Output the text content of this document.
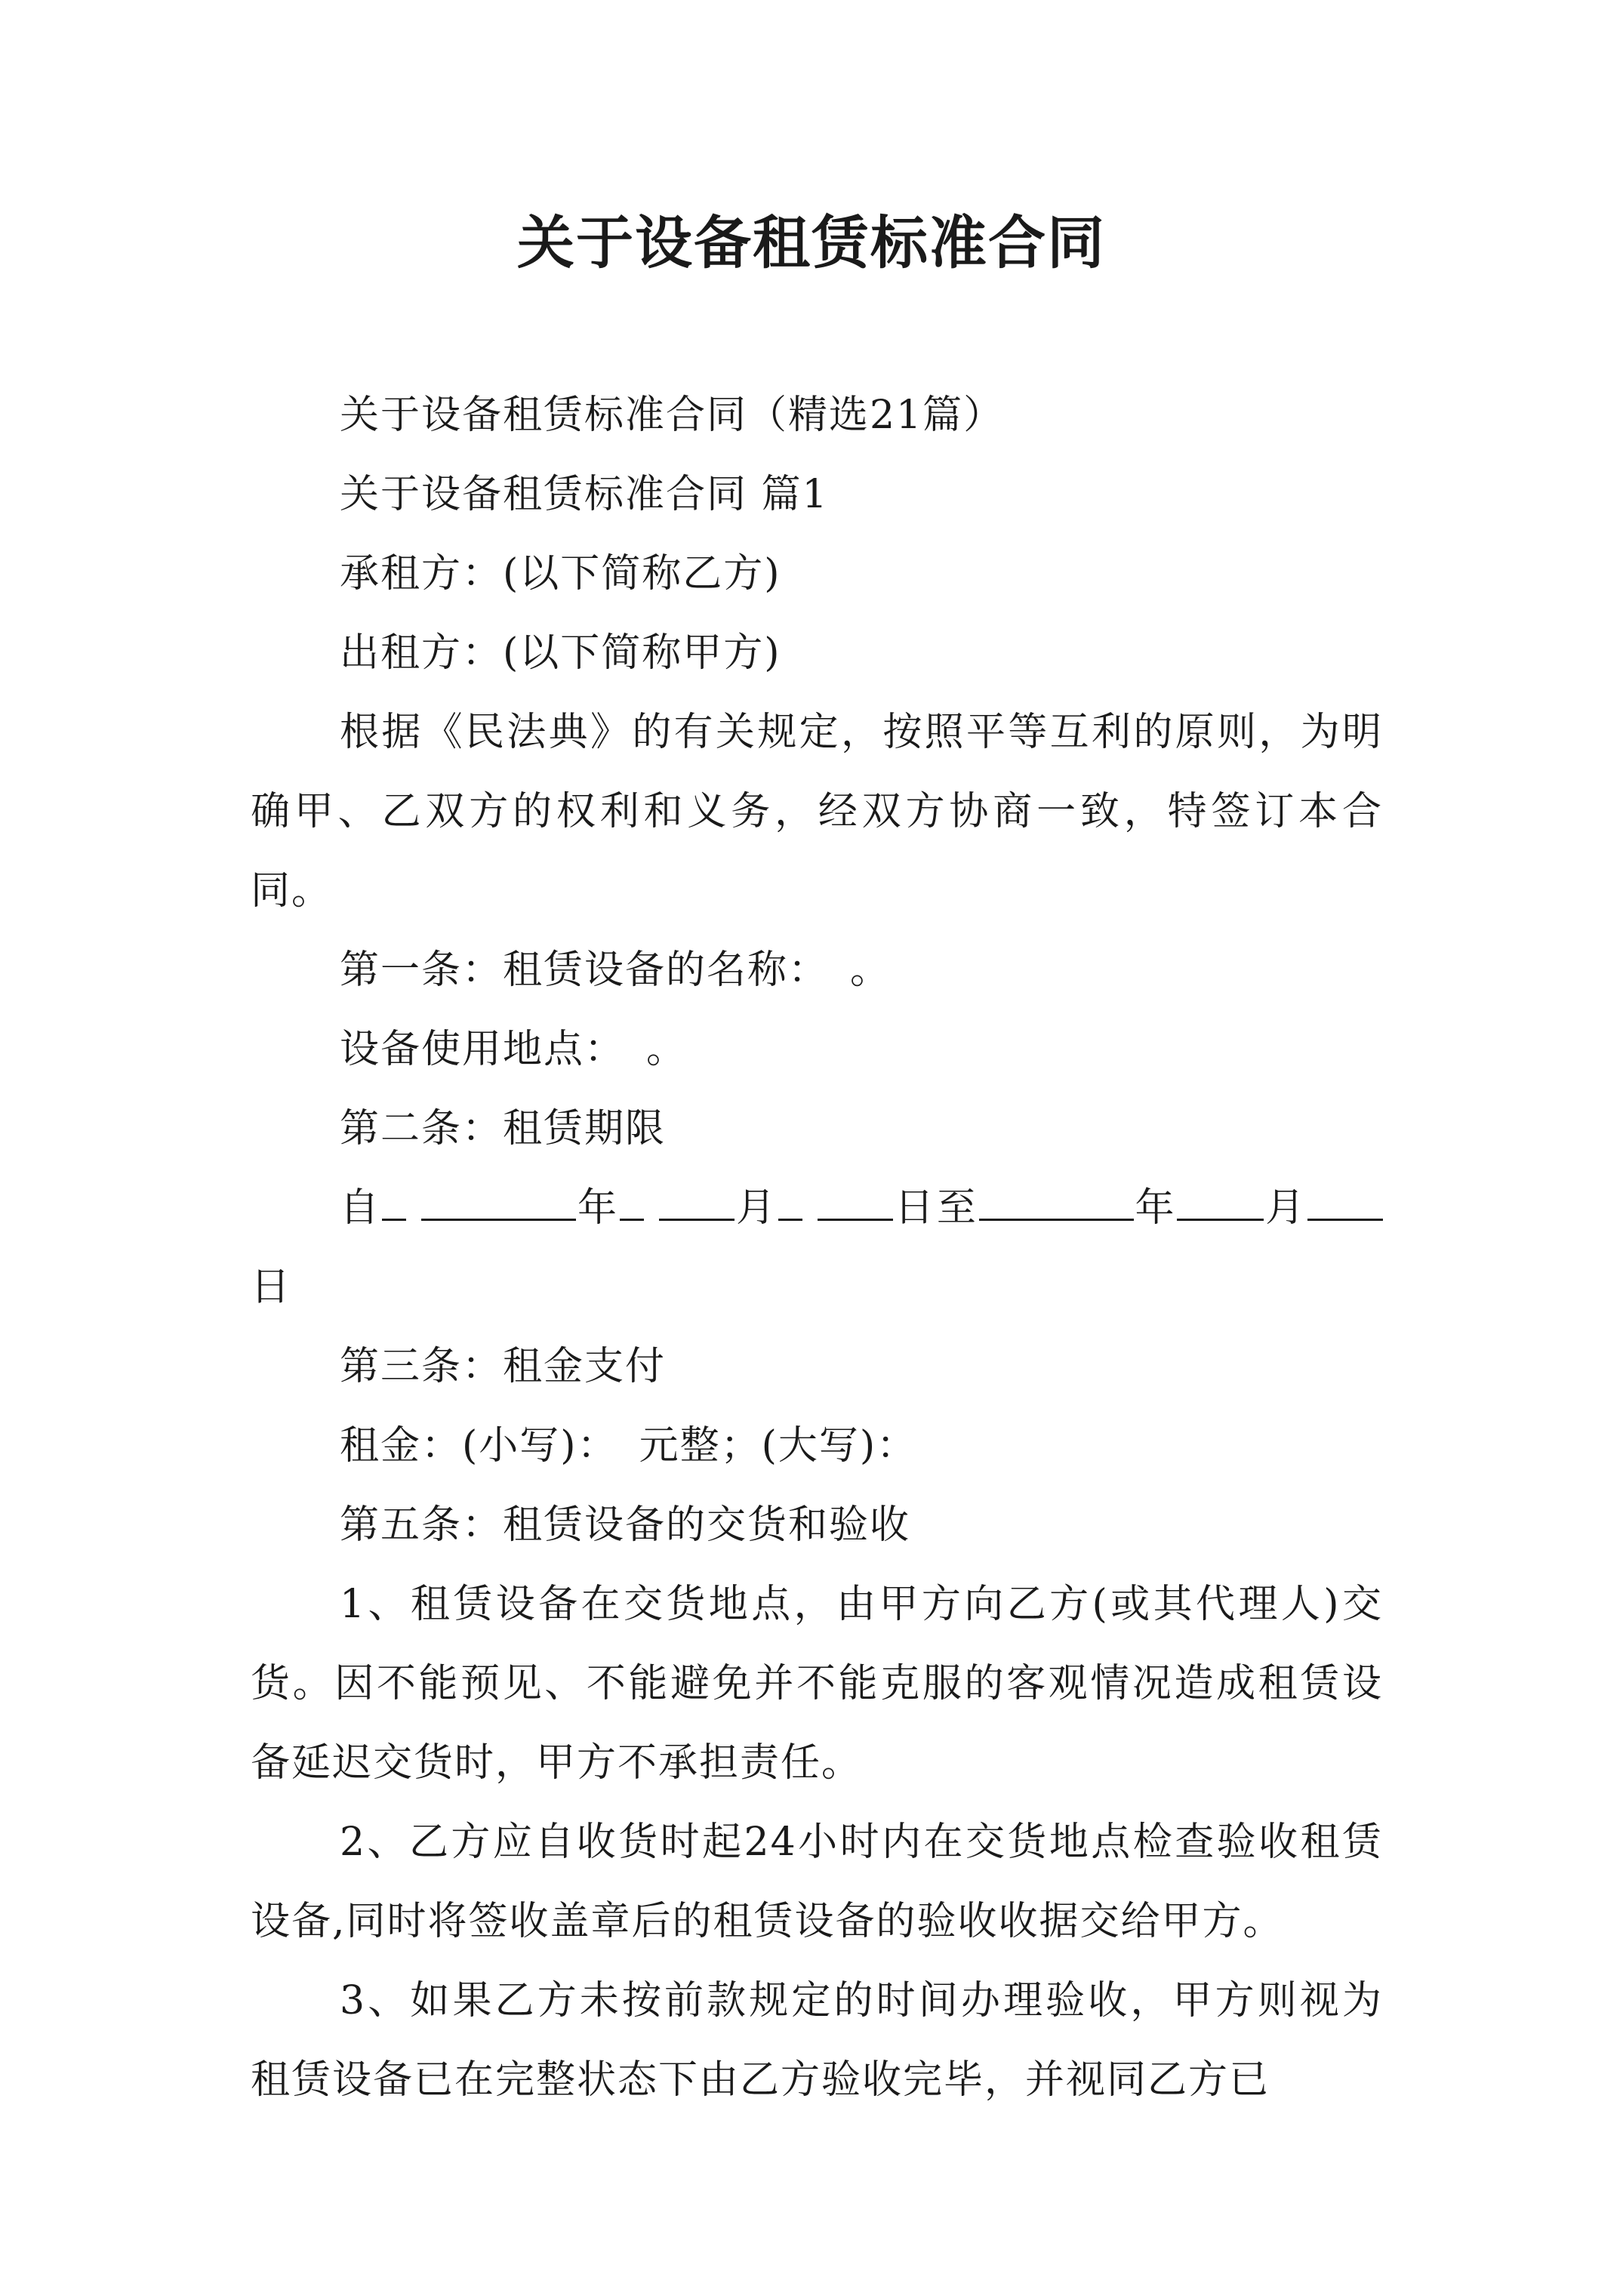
关于设备租赁标准合同

关于设备租赁标准合同（精选21篇）

关于设备租赁标准合同 篇1

承租方：(以下简称乙方)

出租方：(以下简称甲方)

根据《民法典》的有关规定，按照平等互利的原则，为明确甲、乙双方的权利和义务，经双方协商一致，特签订本合同。

第一条：租赁设备的名称：　。

设备使用地点：　。

第二条：租赁期限

自	年	月	日至	年 月日

第三条：租金支付

租金：(小写)：　元整；(大写)：

第五条：租赁设备的交货和验收

1、租赁设备在交货地点，由甲方向乙方(或其代理人)交货。因不能预见、不能避免并不能克服的客观情况造成租赁设备延迟交货时，甲方不承担责任。

2、乙方应自收货时起24小时内在交货地点检查验收租赁设备,同时将签收盖章后的租赁设备的验收收据交给甲方。

3、如果乙方未按前款规定的时间办理验收，甲方则视为租赁设备已在完整状态下由乙方验收完毕，并视同乙方已
